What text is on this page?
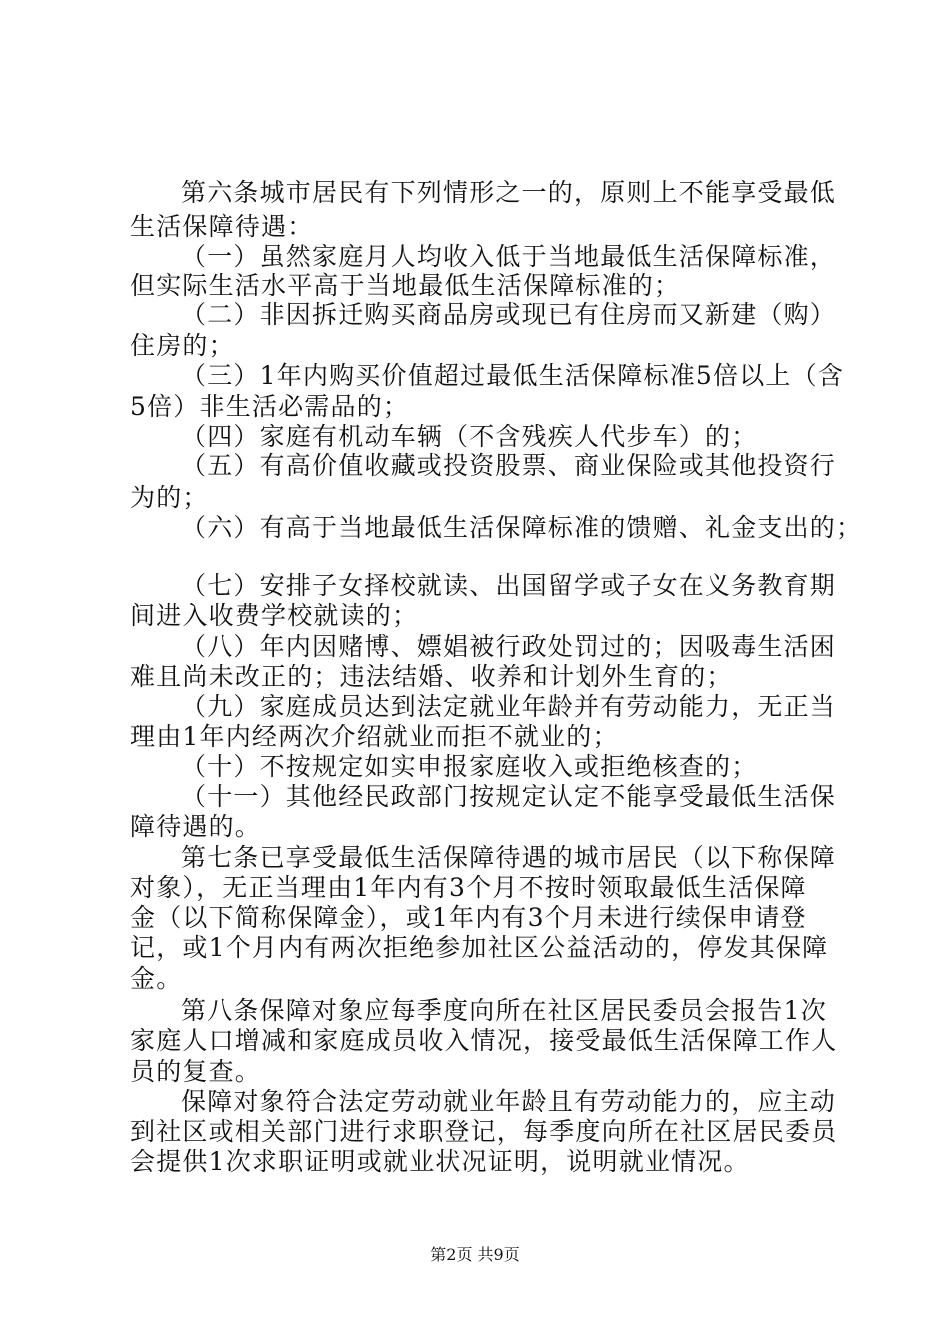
第六条城市居民有下列情形之一的，原则上不能享受最低
生活保障待遇：
（一）虽然家庭月人均收入低于当地最低生活保障标准，
但实际生活水平高于当地最低生活保障标准的；
（二）非因拆迁购买商品房或现已有住房而又新建（购）
住房的；
（三）1年内购买价值超过最低生活保障标准5倍以上（含
5倍）非生活必需品的；
（四）家庭有机动车辆（不含残疾人代步车）的；
（五）有高价值收藏或投资股票、商业保险或其他投资行
为的；
（六）有高于当地最低生活保障标准的馈赠、礼金支出的；
（七）安排子女择校就读、出国留学或子女在义务教育期
间进入收费学校就读的；
（八）年内因赌博、嫖娼被行政处罚过的；因吸毒生活困
难且尚未改正的；违法结婚、收养和计划外生育的；
（九）家庭成员达到法定就业年龄并有劳动能力，无正当
理由1年内经两次介绍就业而拒不就业的；
（十）不按规定如实申报家庭收入或拒绝核查的；
（十一）其他经民政部门按规定认定不能享受最低生活保
障待遇的。
第七条已享受最低生活保障待遇的城市居民（以下称保障
对象），无正当理由1年内有3个月不按时领取最低生活保障
金（以下简称保障金），或1年内有3个月未进行续保申请登
记，或1个月内有两次拒绝参加社区公益活动的，停发其保障
金。
第八条保障对象应每季度向所在社区居民委员会报告1次
家庭人口增减和家庭成员收入情况，接受最低生活保障工作人
员的复查。
保障对象符合法定劳动就业年龄且有劳动能力的，应主动
到社区或相关部门进行求职登记，每季度向所在社区居民委员
会提供1次求职证明或就业状况证明，说明就业情况。
第2页 共9页
